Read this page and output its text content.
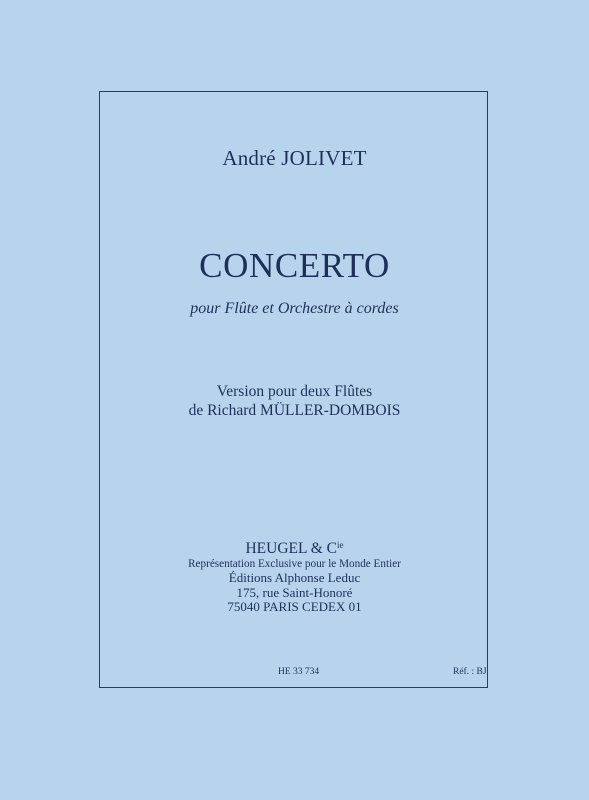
André JOLIVET
CONCERTO
pour Flûte et Orchestre à cordes
Version pour deux Flûtes
de Richard MÜLLER-DOMBOIS
HEUGEL & $C^{ie}$
Représentation Exclusive pour le Monde Entier
Éditions Alphonse Leduc
175, rue Saint-Honoré
75040 PARIS CEDEX 01
HE 33 734	Réf. : BJ
